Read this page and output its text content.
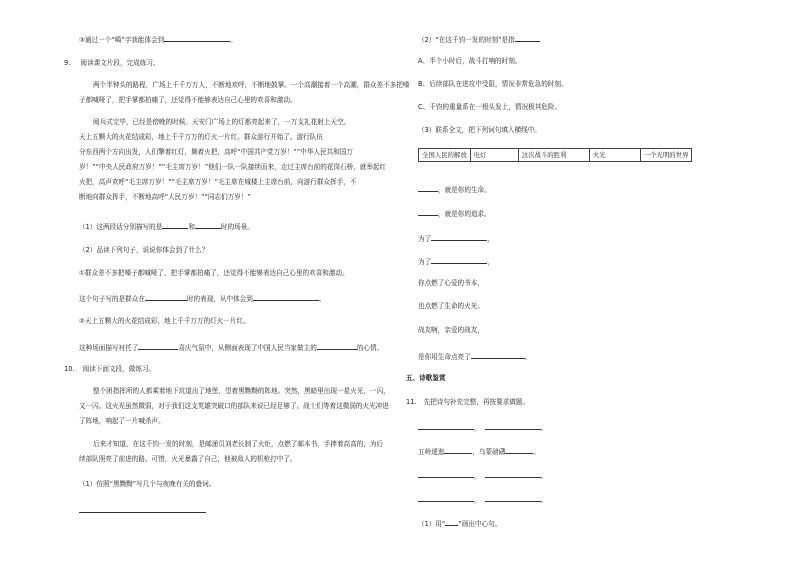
③通过一个“噶”字我能体会到	。
9. 阅读课文片段，完成练习。
两个半钟头的路程，广场上千千万万人，不断地欢呼，不断地鼓掌。一个高潮接着一个高潮，群众差不多把嗓
子都喊哑了，把手掌都拍痛了，还觉得不能够表达自己心里的欢喜和激动。
阅兵式完毕，已经是傍晚的时候。天安门广场上的灯都亮起来了，一万支礼花射上天空。
天上五颗大的火花结成彩，地上千千万万的灯火一片红。群众游行开始了。游行队伍
分东西两个方向出发，人们擎着红灯，舞着火把，高呼“中国共产党万岁！”“中华人民共和国万
岁！”“中央人民政府万岁！”“毛主席万岁！”他们一队一队接续而来，走过主席台前的花岗石桥，就举起红
火把，高声欢呼“毛主席万岁！”“毛主席万岁！”毛主席在城楼上主席台前，向游行群众挥手，不
断地向群众挥手，不断地高呼“人民万岁！”“同志们万岁！”
（1）这两段话分别描写的是	和	时的场景。
（2）品读下列句子，说说你体会到了什么？
①群众差不多把嗓子都喊哑了，把手掌都拍痛了，还觉得不能够表达自己心里的欢喜和激动。
这个句子写的是群众在	时的表现，从中体会到	。
②天上五颗大的火花结成彩，地上千千万万的灯火一片红。
这种场面描写衬托了	喜庆气氛中，从侧面表现了中国人民当家做主的	的心情。
10. 阅读下面文段，做练习。
整个团指挥所的人都乘着地下坑道出了地堡，望着黑黝黝的阵地。突然，黑暗里出现一星火光，一闪，
又一闪。这火光虽然微弱，对于我们这支英雄突破口的部队来说已经足够了。战士们等着这微弱的火光冲进
了阵地，响起了一片喊杀声。
后来才知道，在这千钧一发的时刻，是邮递员刘老长制了火炬，点燃了邮本书，手捧着高高的，为后
续部队照亮了前进的路。可惜，火光暴露了自己，他被敌人的机枪打中了。
（1）仿照“黑黝黝”写几个与夜晚有关的叠词。
（2）“在这千钧一发的时刻”是指
A、半个小时后，战斗打响的时刻。
B、后续部队在进攻中受阻，情况非常危急的时刻。
C、千钧的重量系在一根头发上，情况极其危险。
（3）联系全文，把下列词句填入横线中。
全国人民的解放	电灯	这次战斗的胜利	火光	一个光明的世界
，就是你的生命。
，就是你的追求。
为了	，
为了	，
你点燃了心爱的书本，
也点燃了生命的火光。
战友啊，亲爱的战友，
是你用生命点亮了	。
五、诗歌鉴赏
11. 先把诗句补充完整，再按要求做题。
，	。
五岭逶迤	，乌蒙磅礴	。
，	。
，	。
（1）用“ ”画出中心句。
